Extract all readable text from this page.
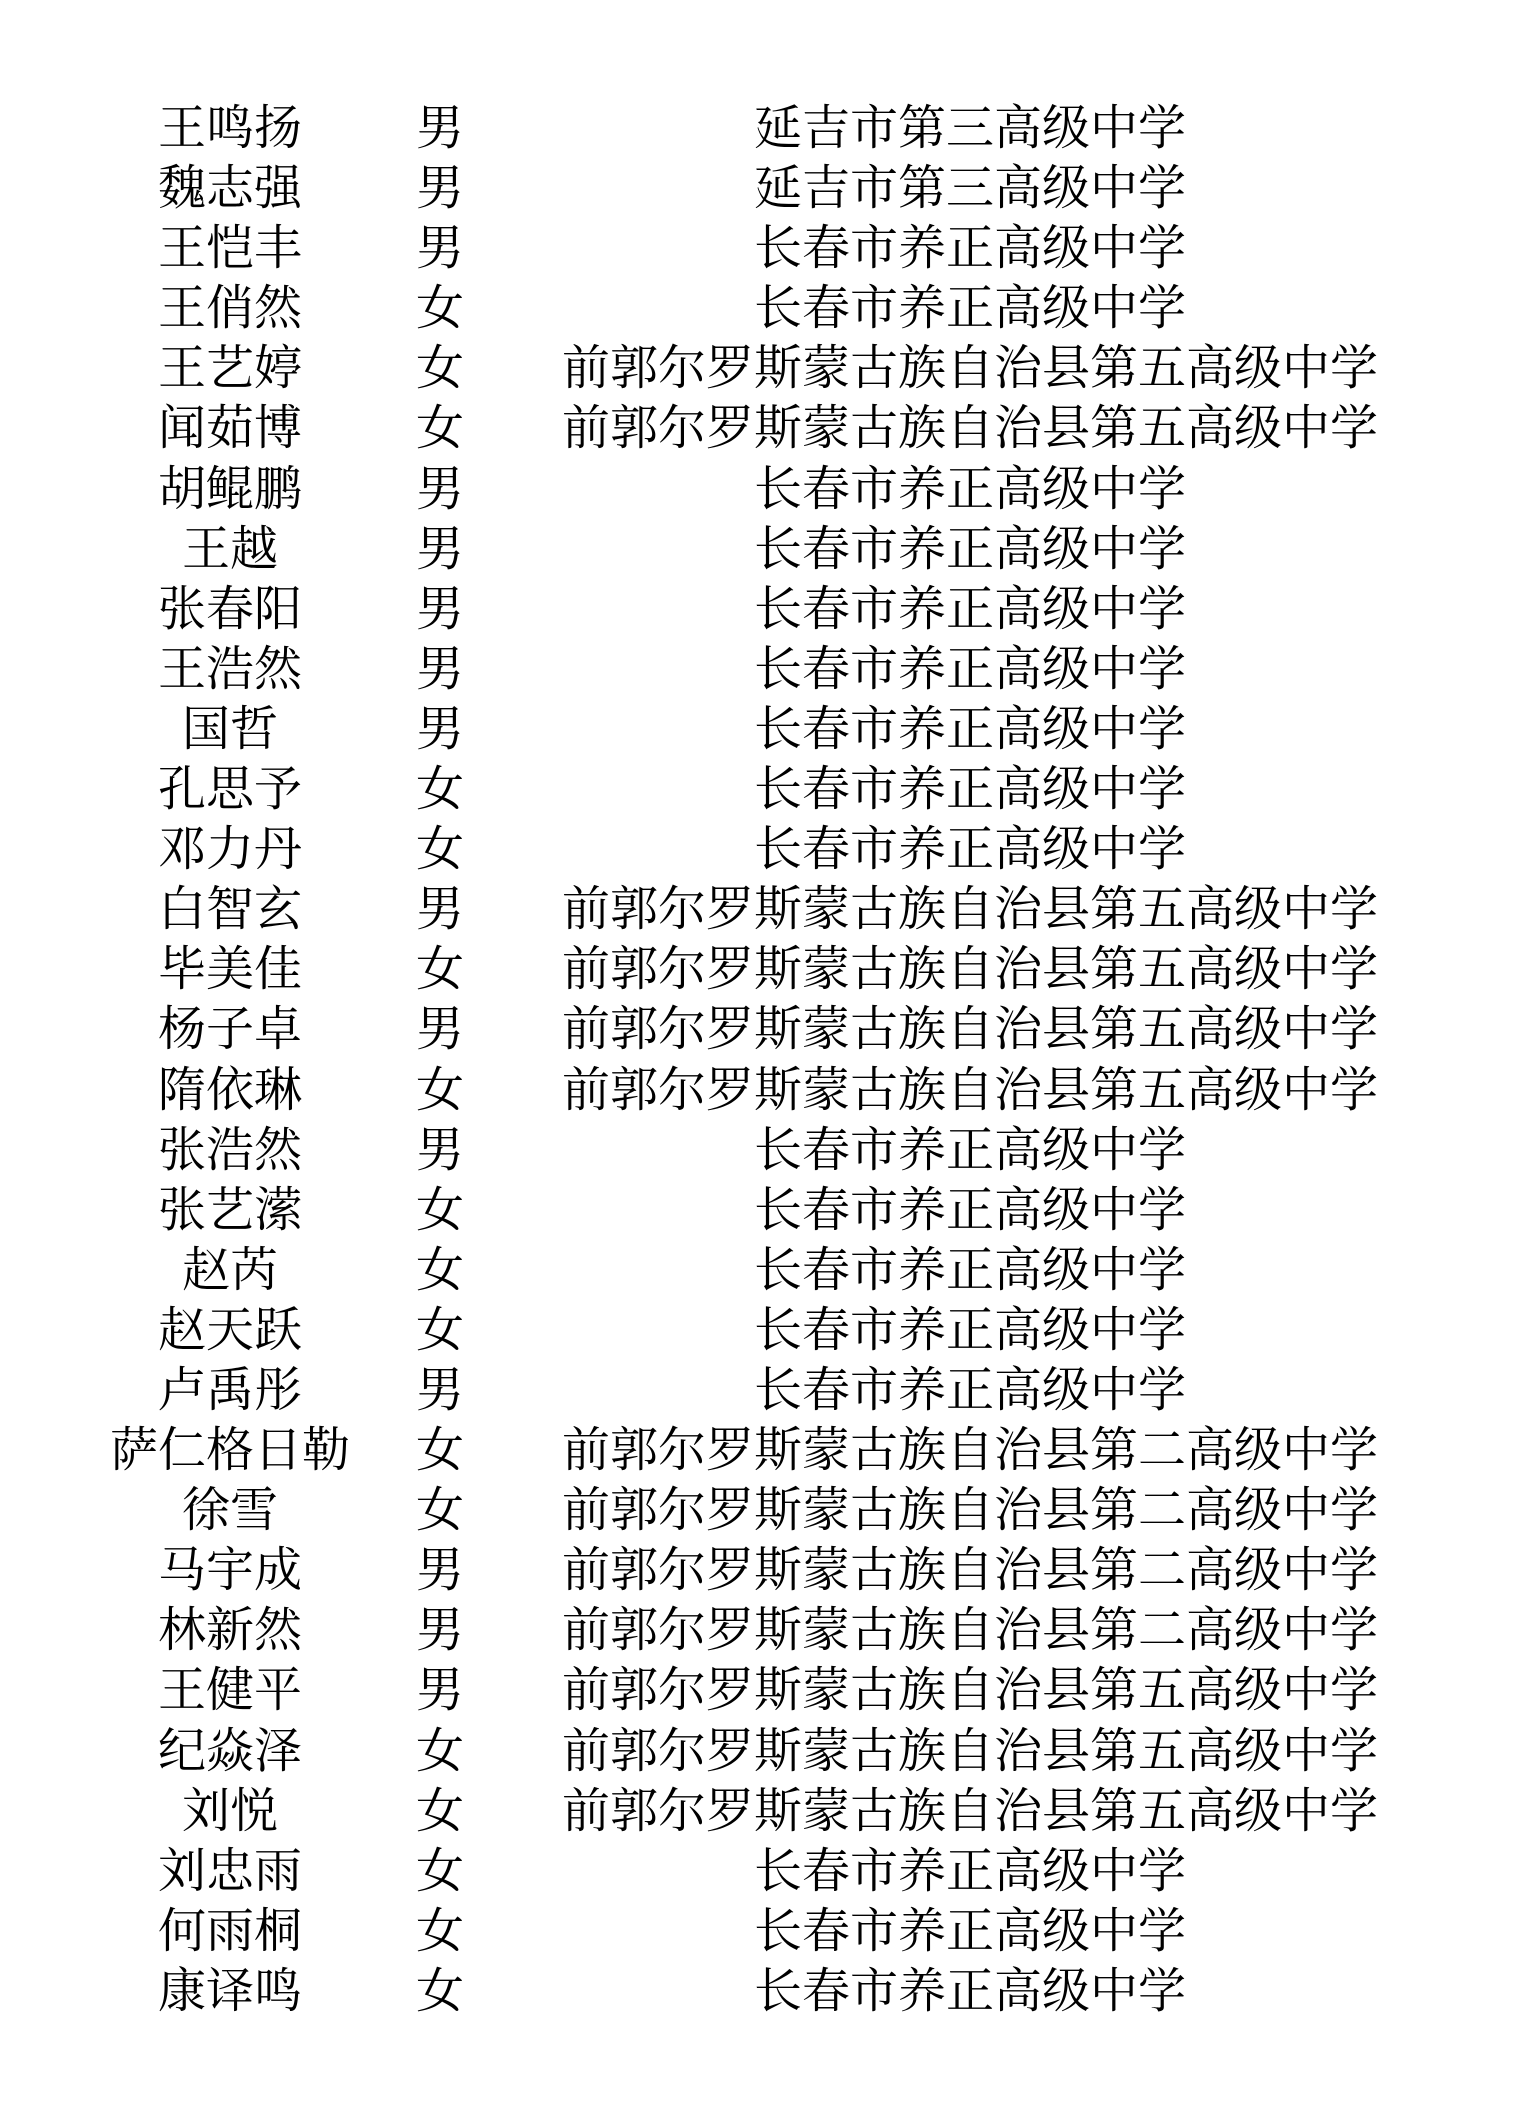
王鸣扬	男	延吉市第三高级中学
魏志强	男	延吉市第三高级中学
王恺丰	男	长春市养正高级中学
王俏然	女	长春市养正高级中学
王艺婷	女	前郭尔罗斯蒙古族自治县第五高级中学
闻茹博	女	前郭尔罗斯蒙古族自治县第五高级中学
胡鲲鹏	男	长春市养正高级中学
王越	男	长春市养正高级中学
张春阳	男	长春市养正高级中学
王浩然	男	长春市养正高级中学
国哲	男	长春市养正高级中学
孔思予	女	长春市养正高级中学
邓力丹	女	长春市养正高级中学
白智玄	男	前郭尔罗斯蒙古族自治县第五高级中学
毕美佳	女	前郭尔罗斯蒙古族自治县第五高级中学
杨子卓	男	前郭尔罗斯蒙古族自治县第五高级中学
隋依琳	女	前郭尔罗斯蒙古族自治县第五高级中学
张浩然	男	长春市养正高级中学
张艺潆	女	长春市养正高级中学
赵芮	女	长春市养正高级中学
赵天跃	女	长春市养正高级中学
卢禹彤	男	长春市养正高级中学
萨仁格日勒	女	前郭尔罗斯蒙古族自治县第二高级中学
徐雪	女	前郭尔罗斯蒙古族自治县第二高级中学
马宇成	男	前郭尔罗斯蒙古族自治县第二高级中学
林新然	男	前郭尔罗斯蒙古族自治县第二高级中学
王健平	男	前郭尔罗斯蒙古族自治县第五高级中学
纪焱泽	女	前郭尔罗斯蒙古族自治县第五高级中学
刘悦	女	前郭尔罗斯蒙古族自治县第五高级中学
刘忠雨	女	长春市养正高级中学
何雨桐	女	长春市养正高级中学
康译鸣	女	长春市养正高级中学
